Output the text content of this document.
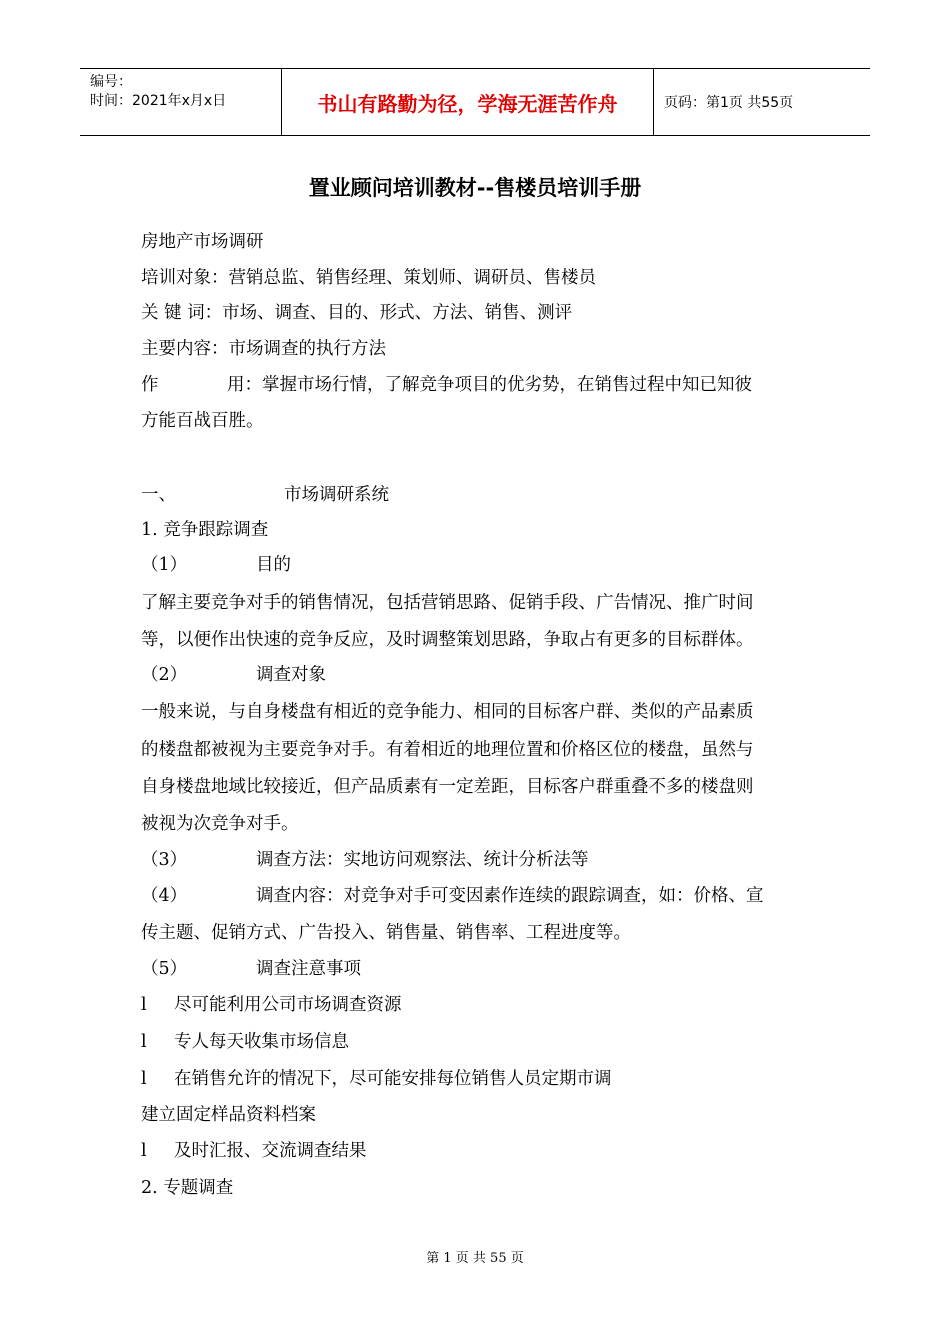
编号：
时间：2021年x月x日	书山有路勤为径，学海无涯苦作舟	页码：第1页 共55页
置业顾问培训教材--售楼员培训手册
房地产市场调研
培训对象：营销总监、销售经理、策划师、调研员、售楼员
关 键 词：市场、调查、目的、形式、方法、销售、测评
主要内容：市场调查的执行方法
作	用：掌握市场行情，了解竞争项目的优劣势，在销售过程中知已知彼
方能百战百胜。
一、	市场调研系统
1. 竞争跟踪调查
（1）	目的
了解主要竞争对手的销售情况，包括营销思路、促销手段、广告情况、推广时间
等，以便作出快速的竞争反应，及时调整策划思路，争取占有更多的目标群体。
（2）	调查对象
一般来说，与自身楼盘有相近的竞争能力、相同的目标客户群、类似的产品素质
的楼盘都被视为主要竞争对手。有着相近的地理位置和价格区位的楼盘，虽然与
自身楼盘地域比较接近，但产品质素有一定差距，目标客户群重叠不多的楼盘则
被视为次竞争对手。
（3）	调查方法：实地访问观察法、统计分析法等
（4）	调查内容：对竞争对手可变因素作连续的跟踪调查，如：价格、宣
传主题、促销方式、广告投入、销售量、销售率、工程进度等。
（5）	调查注意事项
l 尽可能利用公司市场调查资源
l 专人每天收集市场信息
l 在销售允许的情况下，尽可能安排每位销售人员定期市调
建立固定样品资料档案
l 及时汇报、交流调查结果
2. 专题调查
第 1 页 共 55 页
